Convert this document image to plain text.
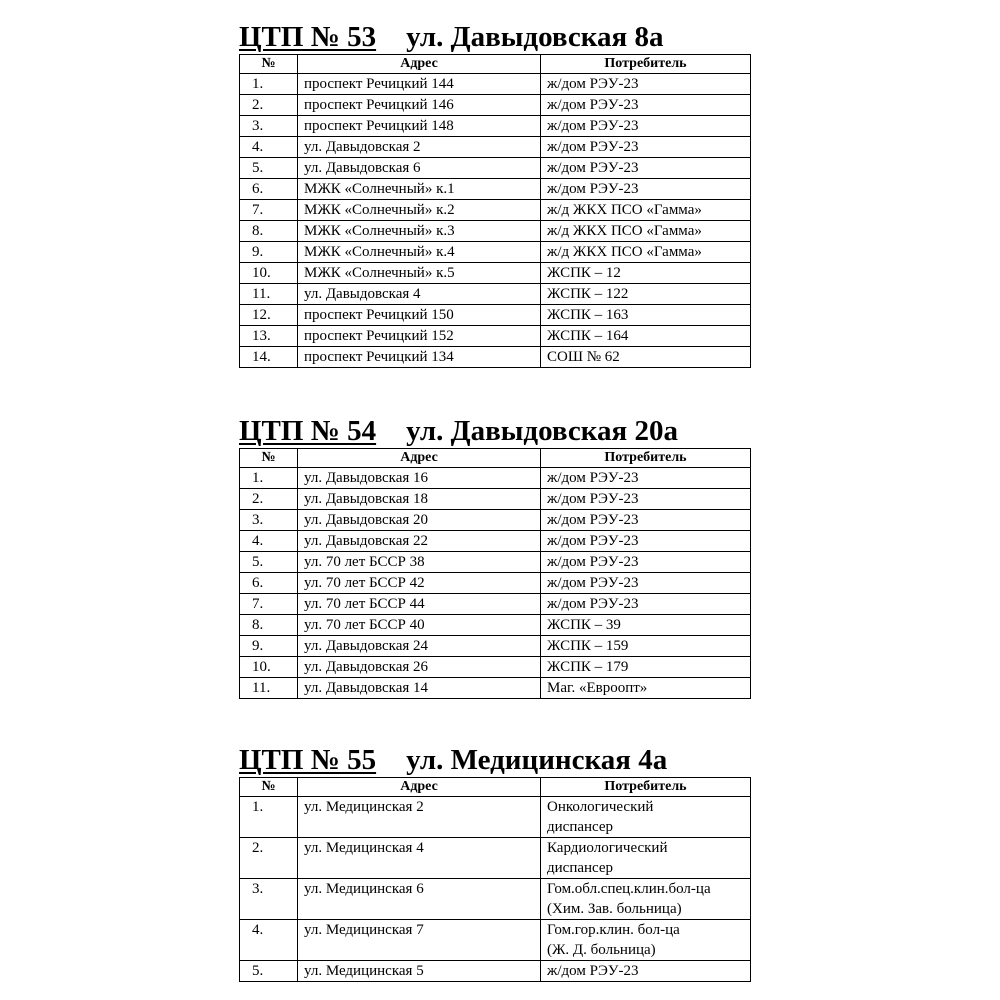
ЦТП № 53 ул. Давыдовская 8а
№	Адрес	Потребитель
1.	проспект Речицкий 144	ж/дом РЭУ-23
2.	проспект Речицкий 146	ж/дом РЭУ-23
3.	проспект Речицкий 148	ж/дом РЭУ-23
4.	ул. Давыдовская 2	ж/дом РЭУ-23
5.	ул. Давыдовская 6	ж/дом РЭУ-23
6.	МЖК «Солнечный» к.1	ж/дом РЭУ-23
7.	МЖК «Солнечный» к.2	ж/д ЖКХ ПСО «Гамма»
8.	МЖК «Солнечный» к.3	ж/д ЖКХ ПСО «Гамма»
9.	МЖК «Солнечный» к.4	ж/д ЖКХ ПСО «Гамма»
10.	МЖК «Солнечный» к.5	ЖСПК – 12
11.	ул. Давыдовская 4	ЖСПК – 122
12.	проспект Речицкий 150	ЖСПК – 163
13.	проспект Речицкий 152	ЖСПК – 164
14.	проспект Речицкий 134	СОШ № 62
ЦТП № 54 ул. Давыдовская 20а
№	Адрес	Потребитель
1.	ул. Давыдовская 16	ж/дом РЭУ-23
2.	ул. Давыдовская 18	ж/дом РЭУ-23
3.	ул. Давыдовская 20	ж/дом РЭУ-23
4.	ул. Давыдовская 22	ж/дом РЭУ-23
5.	ул. 70 лет БССР 38	ж/дом РЭУ-23
6.	ул. 70 лет БССР 42	ж/дом РЭУ-23
7.	ул. 70 лет БССР 44	ж/дом РЭУ-23
8.	ул. 70 лет БССР 40	ЖСПК – 39
9.	ул. Давыдовская 24	ЖСПК – 159
10.	ул. Давыдовская 26	ЖСПК – 179
11.	ул. Давыдовская 14	Маг. «Евроопт»
ЦТП № 55 ул. Медицинская 4а
№	Адрес	Потребитель
1.	ул. Медицинская 2	Онкологический
диспансер
2.	ул. Медицинская 4	Кардиологический
диспансер
3.	ул. Медицинская 6	Гом.обл.спец.клин.бол-ца
(Хим. Зав. больница)
4.	ул. Медицинская 7	Гом.гор.клин. бол-ца
(Ж. Д. больница)
5.	ул. Медицинская 5	ж/дом РЭУ-23
